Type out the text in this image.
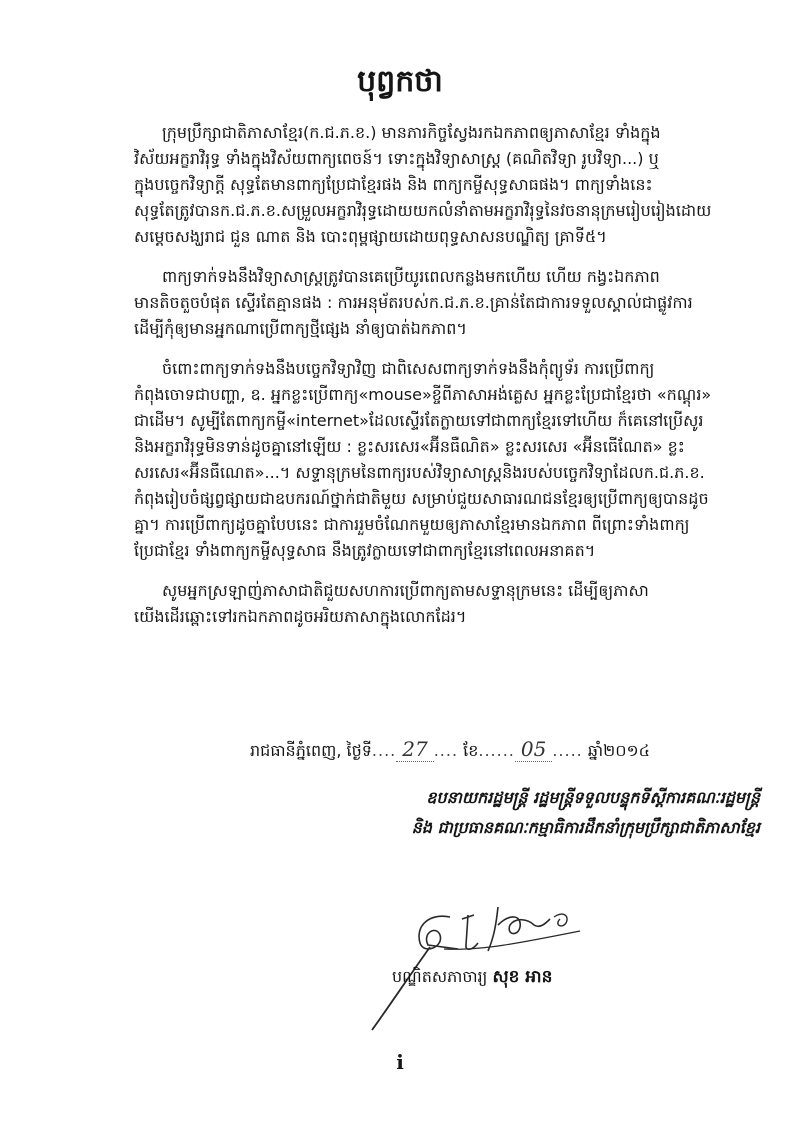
បុព្វកថា
ក្រុមប្រឹក្សាជាតិភាសាខ្មែរ(ក.ជ.ភ.ខ.) មានភារកិច្ចស្វែងរកឯកភាពឲ្យភាសាខ្មែរ ទាំងក្នុង
វិស័យអក្ខរាវិរុទ្ធ ទាំងក្នុងវិស័យពាក្យពេចន៍។ ទោះក្នុងវិទ្យាសាស្ត្រ (គណិតវិទ្យា រូបវិទ្យា...) ឬ
ក្នុងបច្ចេកវិទ្យាក្តី សុទ្ធតែមានពាក្យប្រែជាខ្មែរផង និង ពាក្យកម្ចីសុទ្ធសាធផង។ ពាក្យទាំងនេះ
សុទ្ធតែត្រូវបានក.ជ.ភ.ខ.សម្រួលអក្ខរាវិរុទ្ធដោយយកលំនាំតាមអក្ខរាវិរុទ្ធនៃវចនានុក្រមរៀបរៀងដោយ
សម្តេចសង្ឃរាជ ជួន ណាត និង បោះពុម្ពផ្សាយដោយពុទ្ធសាសនបណ្ឌិត្យ គ្រាទី៥។
ពាក្យទាក់ទងនឹងវិទ្យាសាស្ត្រត្រូវបានគេប្រើយូរពេលកន្លងមកហើយ ហើយ កង្វះឯកភាព
មានតិចតួចបំផុត ស្ទើរតែគ្មានផង : ការអនុម័តរបស់ក.ជ.ភ.ខ.គ្រាន់តែជាការទទួលស្គាល់ជាផ្លូវការ
ដើម្បីកុំឲ្យមានអ្នកណាប្រើពាក្យថ្មីផ្សេង នាំឲ្យបាត់ឯកភាព។
ចំពោះពាក្យទាក់ទងនឹងបច្ចេកវិទ្យាវិញ ជាពិសេសពាក្យទាក់ទងនឹងកុំព្យូទ័រ ការប្រើពាក្យ
កំពុងចោទជាបញ្ហា, ឧ. អ្នកខ្លះប្រើពាក្យ«mouse»ខ្ចីពីភាសាអង់គ្លេស អ្នកខ្លះប្រែជាខ្មែរថា «កណ្តុរ»
ជាដើម។ សូម្បីតែពាក្យកម្ចី«internet»ដែលស្ទើរតែក្លាយទៅជាពាក្យខ្មែរទៅហើយ ក៏គេនៅប្រើសូរ
និងអក្ខរាវិរុទ្ធមិនទាន់ដូចគ្នានៅឡើយ : ខ្លះសរសេរ«អ៊ីនធឺណិត» ខ្លះសរសេរ «អ៊ីនធើណែត» ខ្លះ
សរសេរ«អ៊ីនធឺណេត»...។ សទ្ទានុក្រមនៃពាក្យរបស់វិទ្យាសាស្ត្រនិងរបស់បច្ចេកវិទ្យាដែលក.ជ.ភ.ខ.
កំពុងរៀបចំផ្សព្វផ្សាយជាឧបករណ៍ថ្នាក់ជាតិមួយ សម្រាប់ជួយសាធារណជនខ្មែរឲ្យប្រើពាក្យឲ្យបានដូច
គ្នា។ ការប្រើពាក្យដូចគ្នាបែបនេះ ជាការរួមចំណែកមួយឲ្យភាសាខ្មែរមានឯកភាព ពីព្រោះទាំងពាក្យ
ប្រែជាខ្មែរ ទាំងពាក្យកម្ចីសុទ្ធសាធ នឹងត្រូវក្លាយទៅជាពាក្យខ្មែរនៅពេលអនាគត។
សូមអ្នកស្រឡាញ់ភាសាជាតិជួយសហការប្រើពាក្យតាមសទ្ទានុក្រមនេះ ដើម្បីឲ្យភាសា
យើងដើរឆ្ពោះទៅរកឯកភាពដូចអរិយភាសាក្នុងលោកដែរ។
រាជធានីភ្នំពេញ, ថ្ងៃទី.... 27 .... ខែ...... 05 ..... ឆ្នាំ២០១៤
ឧបនាយករដ្ឋមន្ត្រី រដ្ឋមន្ត្រីទទួលបន្ទុកទីស្តីការគណៈរដ្ឋមន្ត្រី
និង ជាប្រធានគណៈកម្មាធិការដឹកនាំក្រុមប្រឹក្សាជាតិភាសាខ្មែរ
បណ្ឌិតសភាចារ្យ សុខ អាន
i
